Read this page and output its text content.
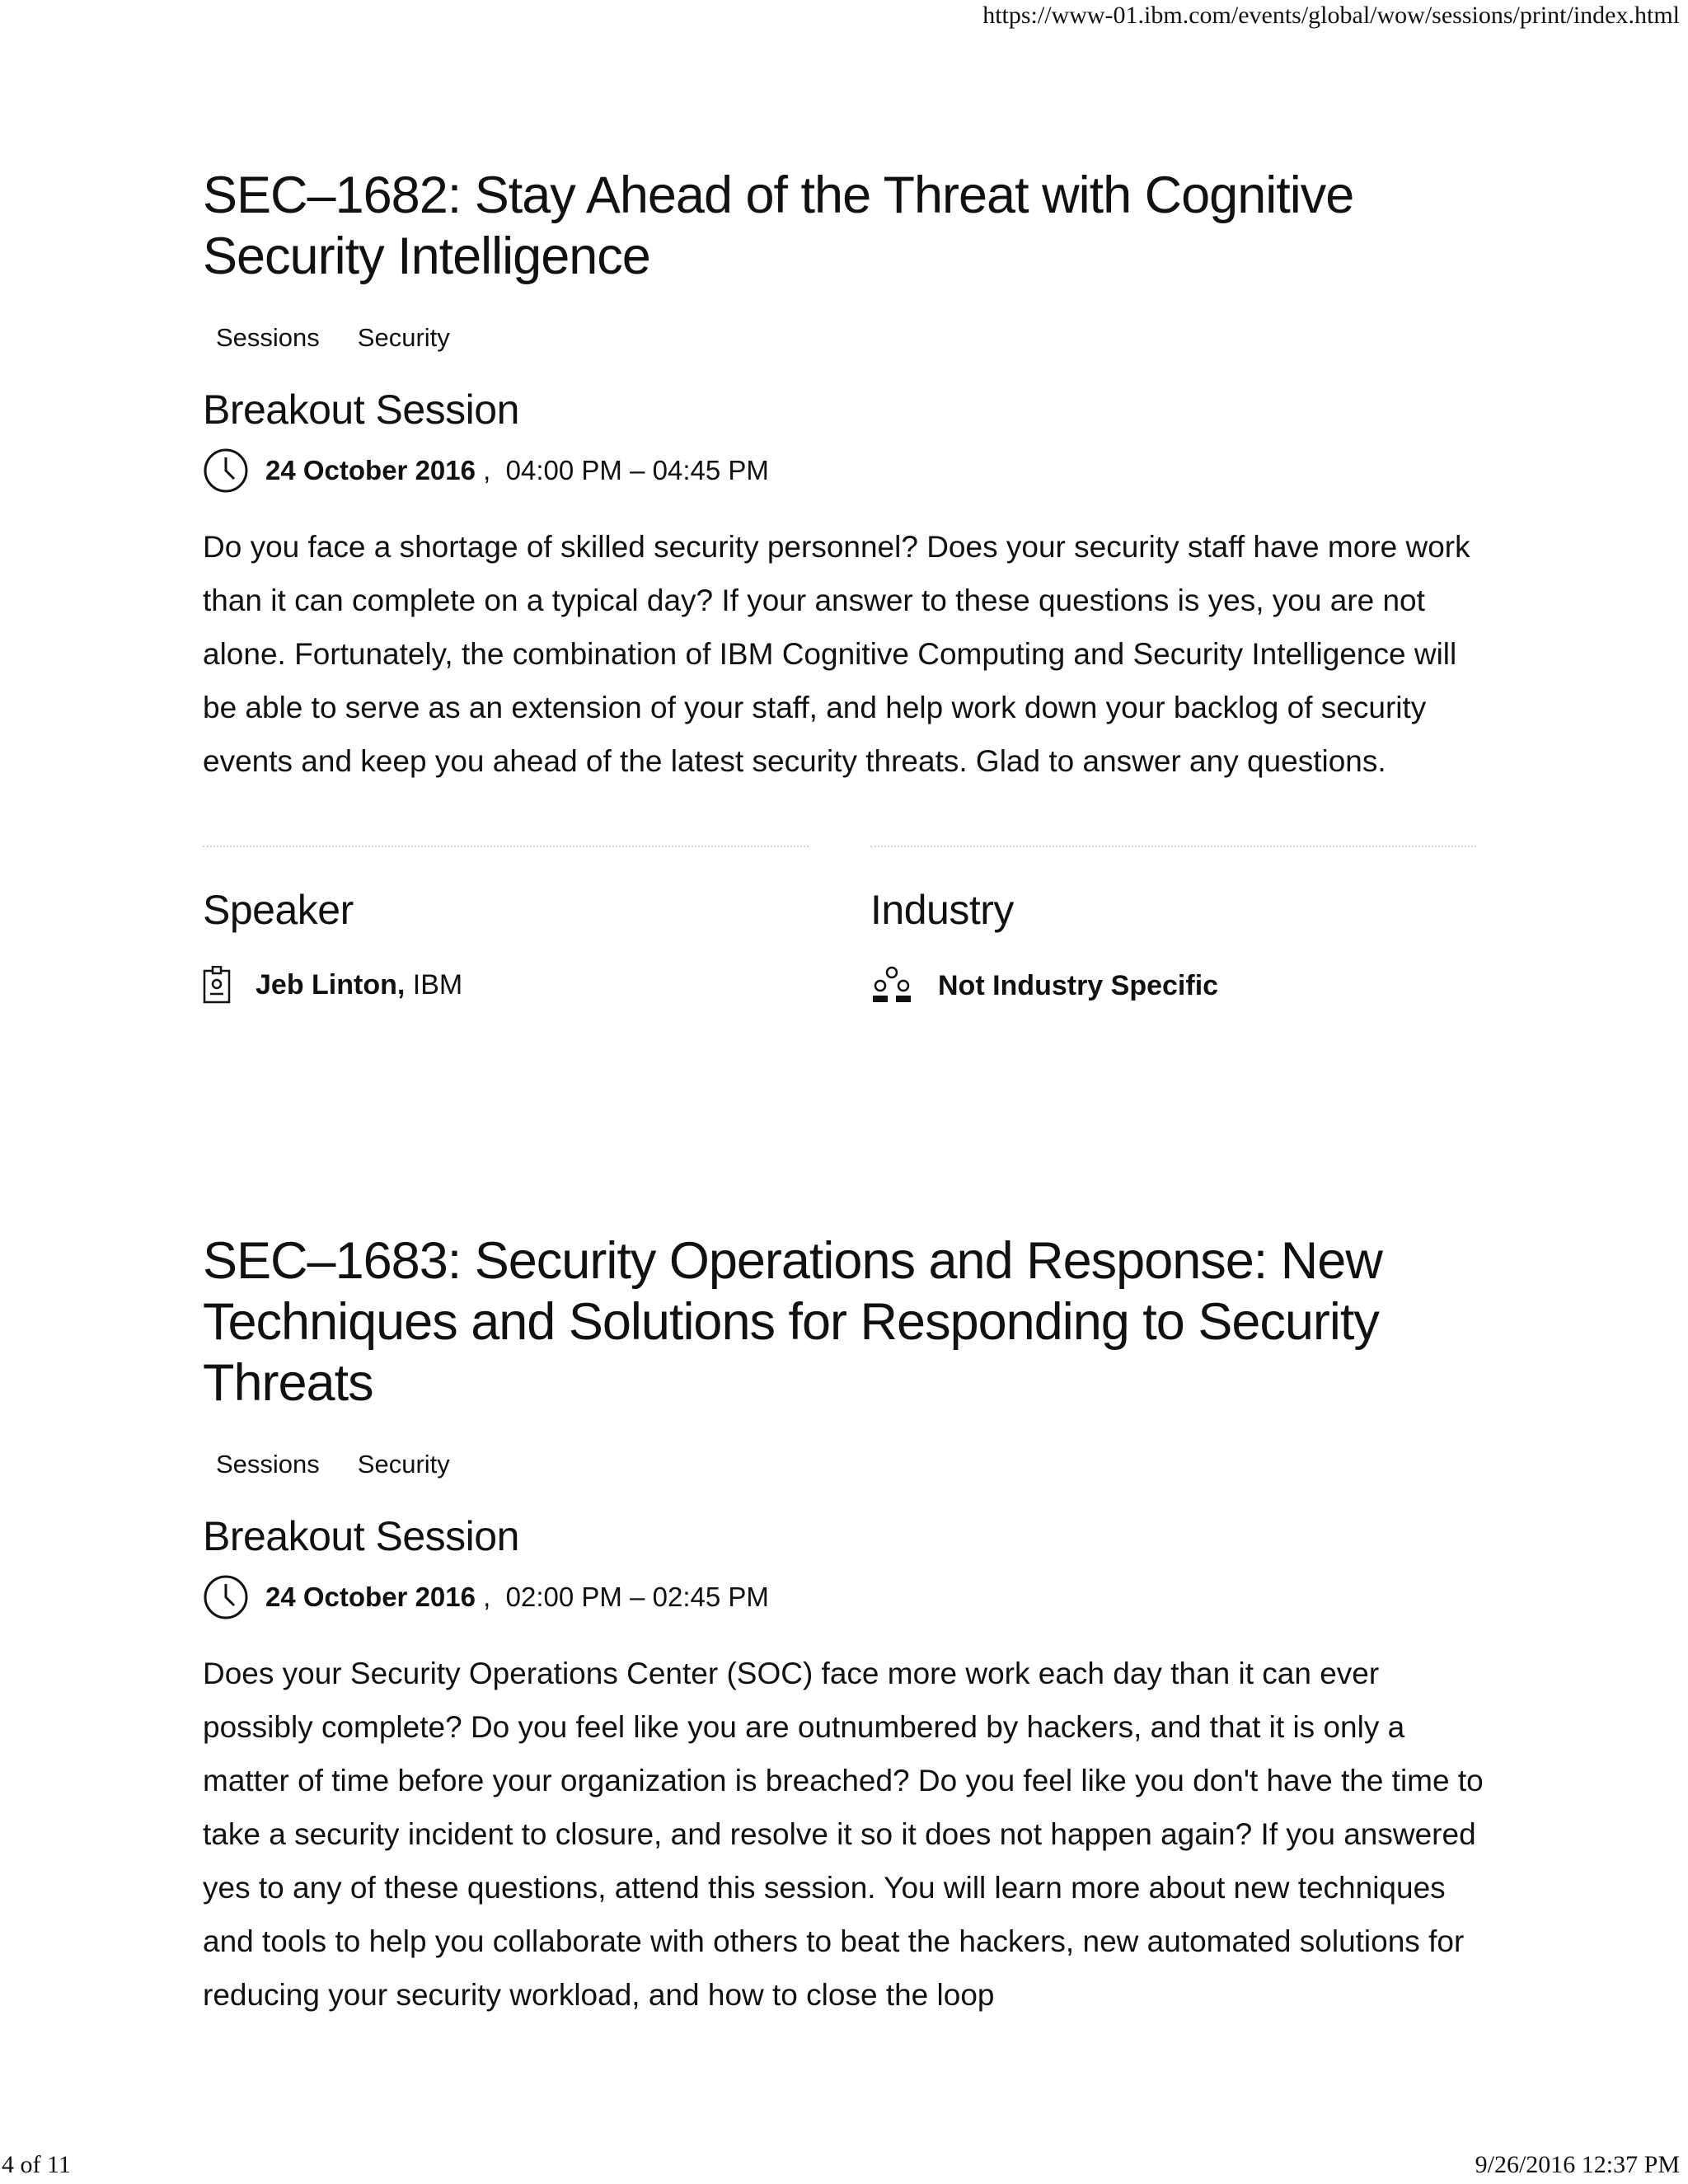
https://www-01.ibm.com/events/global/wow/sessions/print/index.html
SEC–1682: Stay Ahead of the Threat with Cognitive Security Intelligence
Sessions Security
Breakout Session
24 October 2016
,
04:00 PM – 04:45 PM
Do you face a shortage of skilled security personnel? Does your security staff have more work than it can complete on a typical day? If your answer to these questions is yes, you are not alone. Fortunately, the combination of IBM Cognitive Computing and Security Intelligence will be able to serve as an extension of your staff, and help work down your backlog of security events and keep you ahead of the latest security threats. Glad to answer any questions.
Speaker
Jeb Linton,
IBM
Industry
Not Industry Specific
SEC–1683: Security Operations and Response: New Techniques and Solutions for Responding to Security Threats
Sessions Security
Breakout Session
24 October 2016
,
02:00 PM – 02:45 PM
Does your Security Operations Center (SOC) face more work each day than it can ever possibly complete? Do you feel like you are outnumbered by hackers, and that it is only a matter of time before your organization is breached? Do you feel like you don't have the time to take a security incident to closure, and resolve it so it does not happen again? If you answered yes to any of these questions, attend this session. You will learn more about new techniques and tools to help you collaborate with others to beat the hackers, new automated solutions for reducing your security workload, and how to close the loop
4 of 11	9/26/2016 12:37 PM
